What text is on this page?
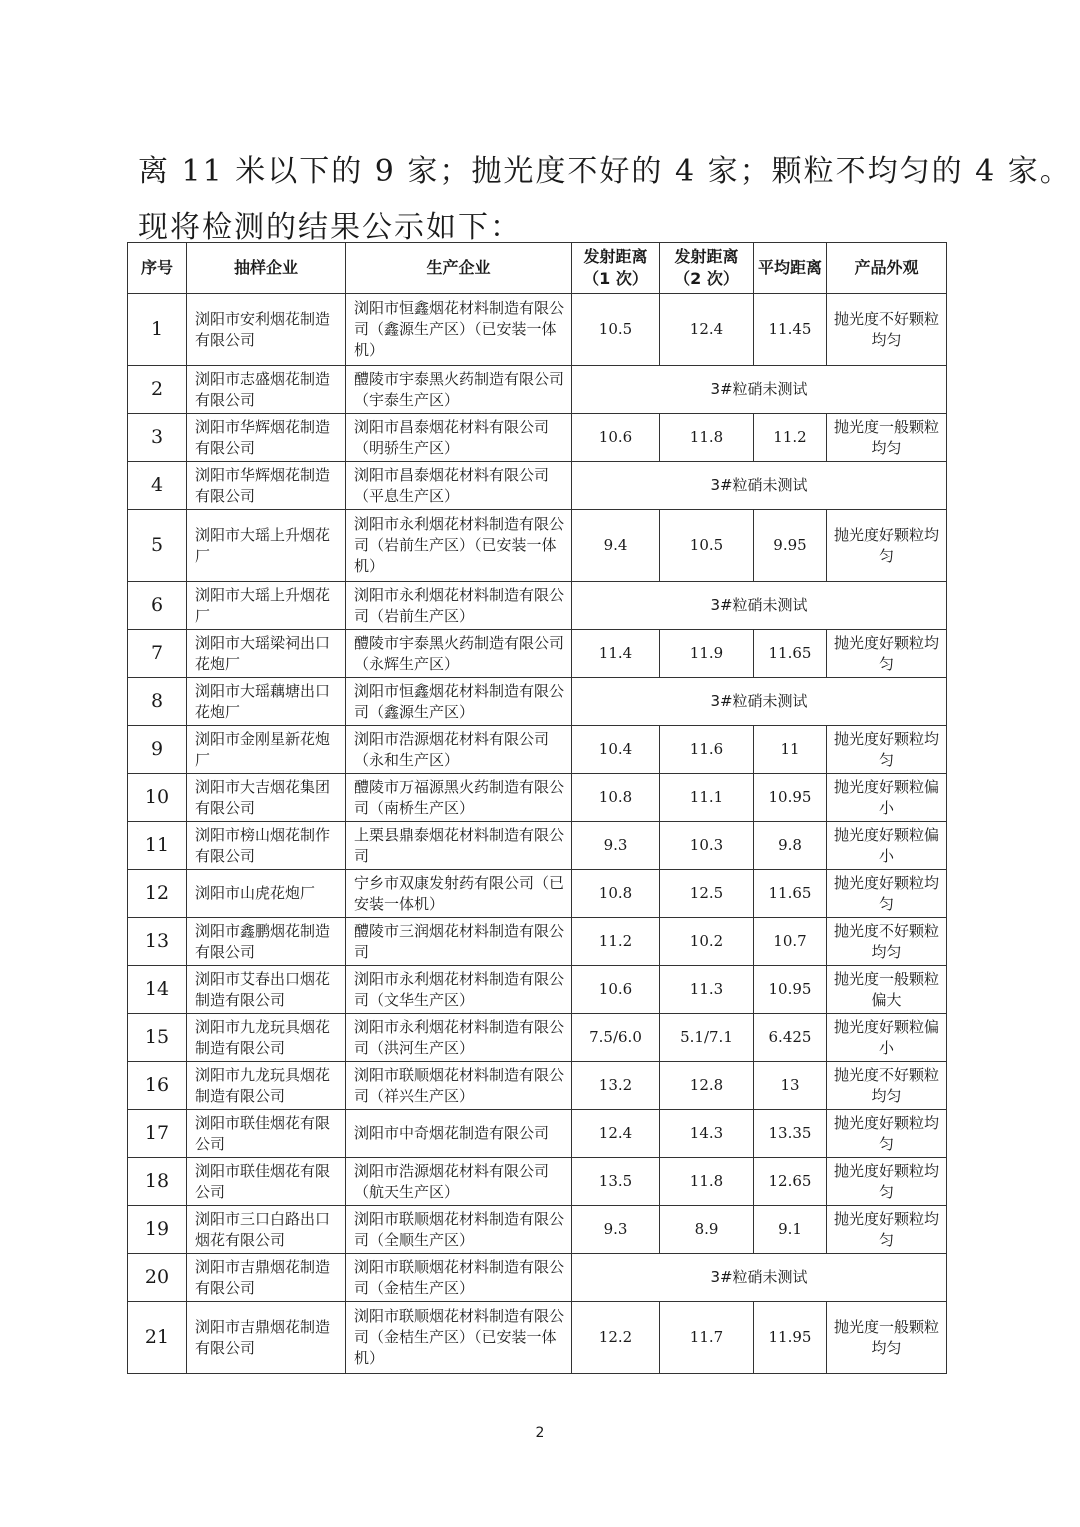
离 11 米以下的 9 家；抛光度不好的 4 家；颗粒不均匀的 4 家。
现将检测的结果公示如下：
序号	抽样企业	生产企业	发射距离（1 次）	发射距离（2 次）	平均距离	产品外观
1	浏阳市安利烟花制造有限公司	浏阳市恒鑫烟花材料制造有限公司（鑫源生产区）（已安装一体机）	10.5	12.4	11.45	抛光度不好颗粒均匀
2	浏阳市志盛烟花制造有限公司	醴陵市宇泰黑火药制造有限公司（宇泰生产区）	3#粒硝未测试			
3	浏阳市华辉烟花制造有限公司	浏阳市昌泰烟花材料有限公司（明骄生产区）	10.6	11.8	11.2	抛光度一般颗粒均匀
4	浏阳市华辉烟花制造有限公司	浏阳市昌泰烟花材料有限公司（平息生产区）	3#粒硝未测试			
5	浏阳市大瑶上升烟花厂	浏阳市永利烟花材料制造有限公司（岩前生产区）（已安装一体机）	9.4	10.5	9.95	抛光度好颗粒均匀
6	浏阳市大瑶上升烟花厂	浏阳市永利烟花材料制造有限公司（岩前生产区）	3#粒硝未测试			
7	浏阳市大瑶梁祠出口花炮厂	醴陵市宇泰黑火药制造有限公司（永辉生产区）	11.4	11.9	11.65	抛光度好颗粒均匀
8	浏阳市大瑶藕塘出口花炮厂	浏阳市恒鑫烟花材料制造有限公司（鑫源生产区）	3#粒硝未测试			
9	浏阳市金刚星新花炮厂	浏阳市浩源烟花材料有限公司（永和生产区）	10.4	11.6	11	抛光度好颗粒均匀
10	浏阳市大吉烟花集团有限公司	醴陵市万福源黑火药制造有限公司（南桥生产区）	10.8	11.1	10.95	抛光度好颗粒偏小
11	浏阳市榜山烟花制作有限公司	上栗县鼎泰烟花材料制造有限公司	9.3	10.3	9.8	抛光度好颗粒偏小
12	浏阳市山虎花炮厂	宁乡市双康发射药有限公司（已安装一体机）	10.8	12.5	11.65	抛光度好颗粒均匀
13	浏阳市鑫鹏烟花制造有限公司	醴陵市三润烟花材料制造有限公司	11.2	10.2	10.7	抛光度不好颗粒均匀
14	浏阳市艾春出口烟花制造有限公司	浏阳市永利烟花材料制造有限公司（文华生产区）	10.6	11.3	10.95	抛光度一般颗粒偏大
15	浏阳市九龙玩具烟花制造有限公司	浏阳市永利烟花材料制造有限公司（洪河生产区）	7.5/6.0	5.1/7.1	6.425	抛光度好颗粒偏小
16	浏阳市九龙玩具烟花制造有限公司	浏阳市联顺烟花材料制造有限公司（祥兴生产区）	13.2	12.8	13	抛光度不好颗粒均匀
17	浏阳市联佳烟花有限公司	浏阳市中奇烟花制造有限公司	12.4	14.3	13.35	抛光度好颗粒均匀
18	浏阳市联佳烟花有限公司	浏阳市浩源烟花材料有限公司（航天生产区）	13.5	11.8	12.65	抛光度好颗粒均匀
19	浏阳市三口白路出口烟花有限公司	浏阳市联顺烟花材料制造有限公司（全顺生产区）	9.3	8.9	9.1	抛光度好颗粒均匀
20	浏阳市吉鼎烟花制造有限公司	浏阳市联顺烟花材料制造有限公司（金桔生产区）	3#粒硝未测试			
21	浏阳市吉鼎烟花制造有限公司	浏阳市联顺烟花材料制造有限公司（金桔生产区）（已安装一体机）	12.2	11.7	11.95	抛光度一般颗粒均匀
2
